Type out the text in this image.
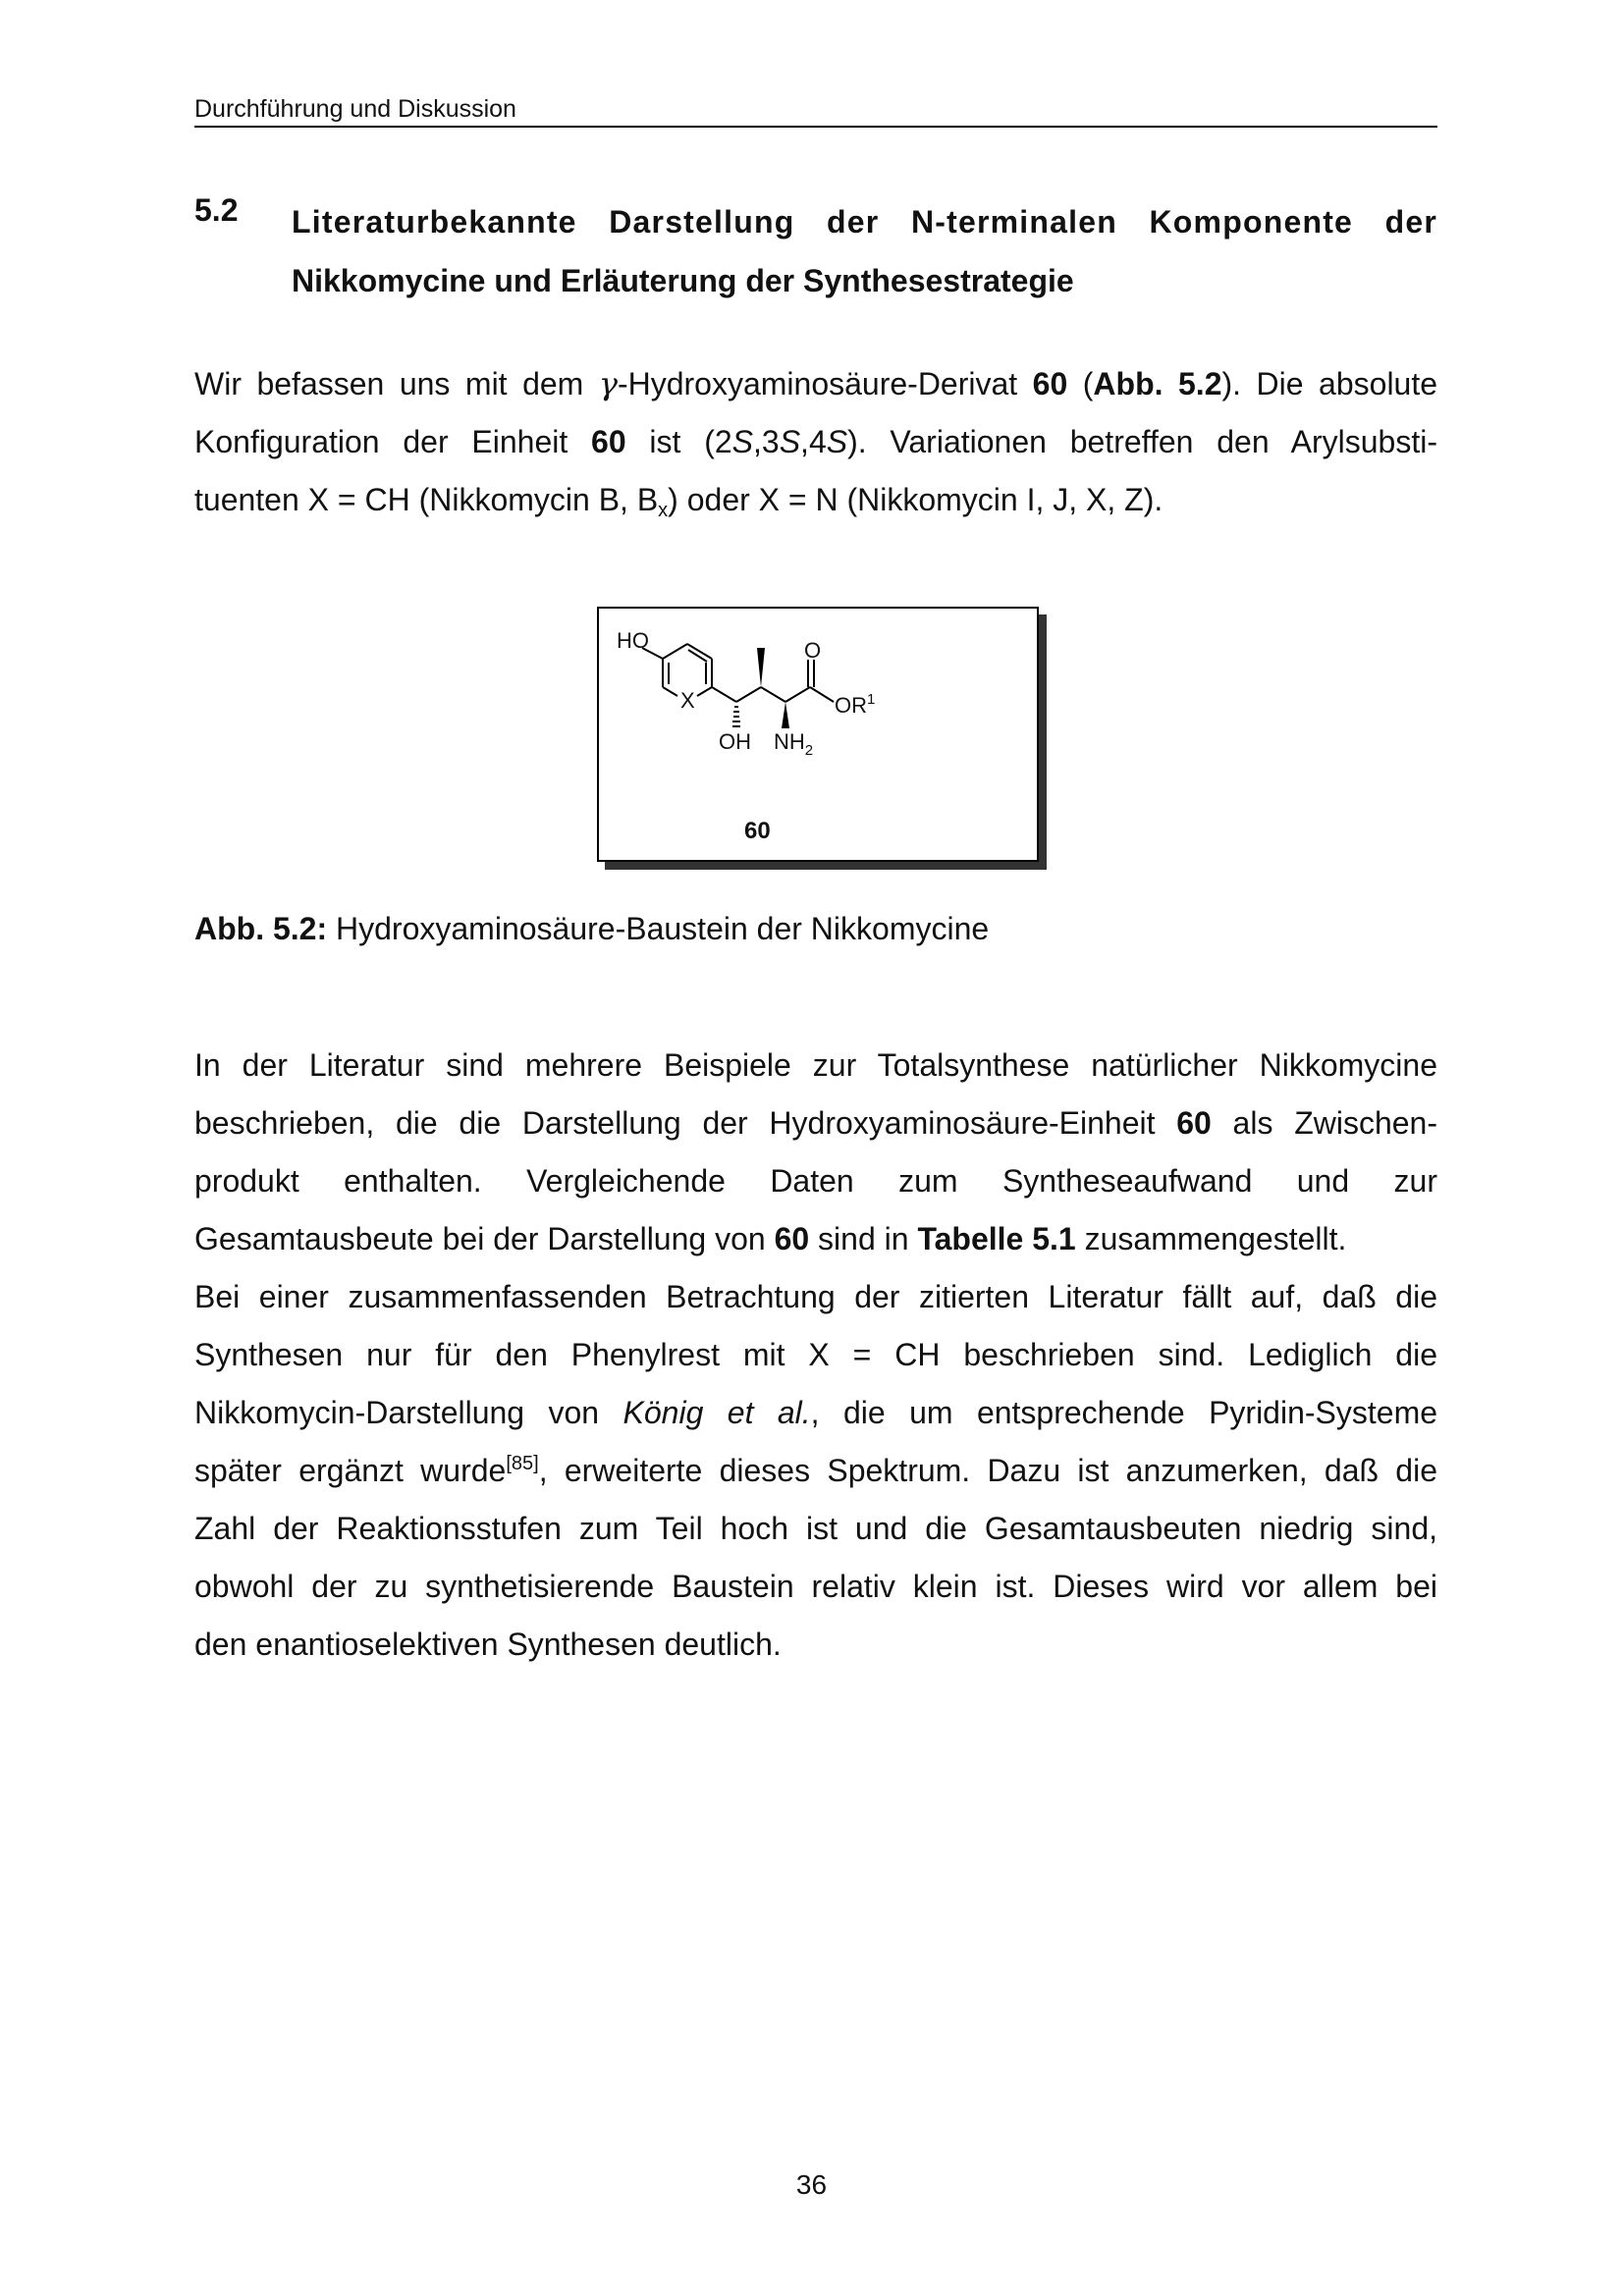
Durchführung und Diskussion
5.2 Literaturbekannte Darstellung der N-terminalen Komponente der
Nikkomycine und Erläuterung der Synthesestrategie
Wir befassen uns mit dem γ-Hydroxyaminosäure-Derivat 60 (Abb. 5.2). Die absolute
Konfiguration der Einheit 60 ist (2S,3S,4S). Variationen betreffen den Arylsubsti-
tuenten X = CH (Nikkomycin B, $B_x$) oder X = N (Nikkomycin I, J, X, Z).
HO
X
O
$OR^1$
OH $NH_2$
60
Abb. 5.2: Hydroxyaminosäure-Baustein der Nikkomycine
In der Literatur sind mehrere Beispiele zur Totalsynthese natürlicher Nikkomycine
beschrieben, die die Darstellung der Hydroxyaminosäure-Einheit 60 als Zwischen-
produkt enthalten. Vergleichende Daten zum Syntheseaufwand und zur
Gesamtausbeute bei der Darstellung von 60 sind in Tabelle 5.1 zusammengestellt.
Bei einer zusammenfassenden Betrachtung der zitierten Literatur fällt auf, daß die
Synthesen nur für den Phenylrest mit X = CH beschrieben sind. Lediglich die
Nikkomycin-Darstellung von König et al., die um entsprechende Pyridin-Systeme
später ergänzt wurde[85], erweiterte dieses Spektrum. Dazu ist anzumerken, daß die
Zahl der Reaktionsstufen zum Teil hoch ist und die Gesamtausbeuten niedrig sind,
obwohl der zu synthetisierende Baustein relativ klein ist. Dieses wird vor allem bei
den enantioselektiven Synthesen deutlich.
36
